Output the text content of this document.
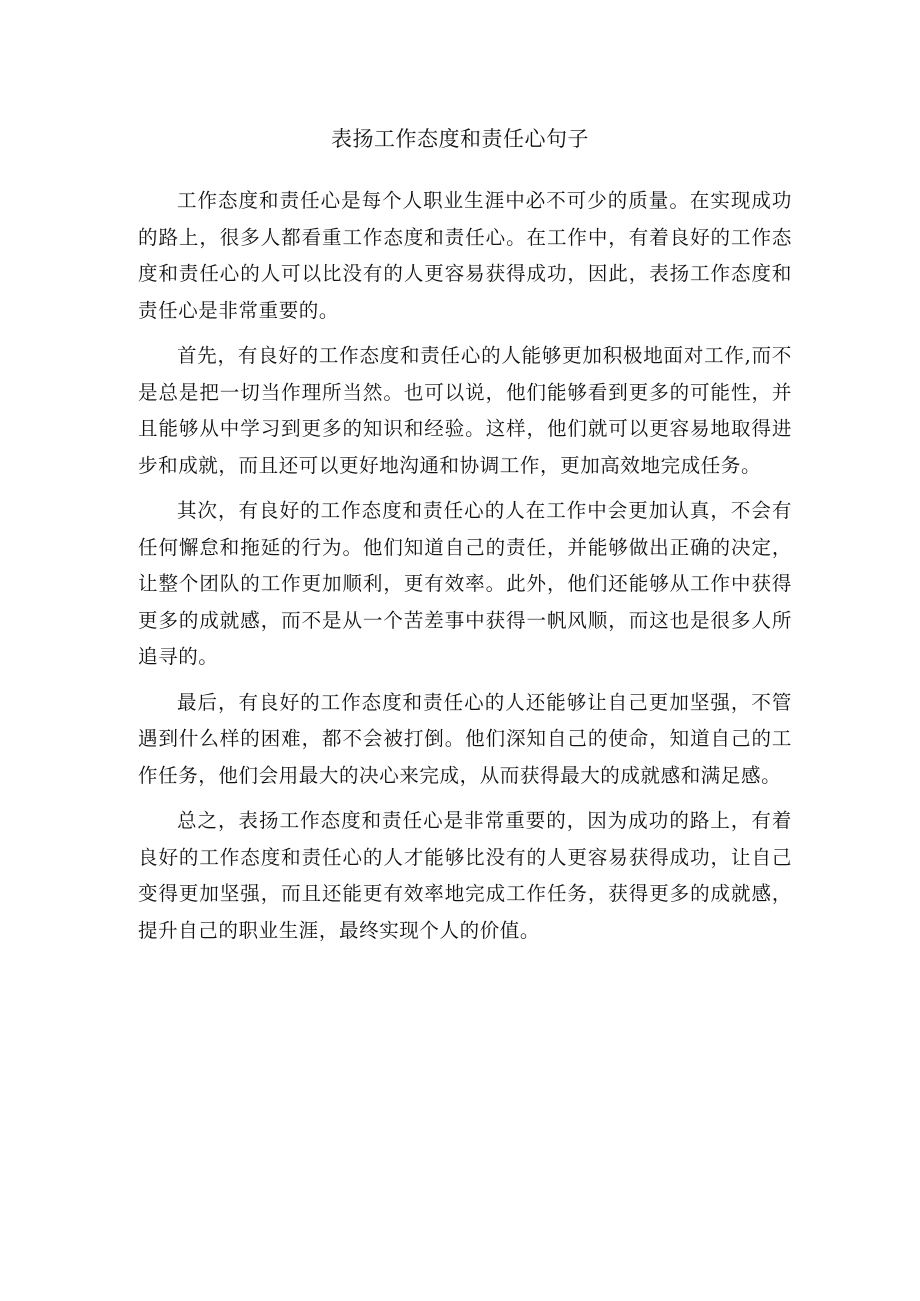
表扬工作态度和责任心句子

工作态度和责任心是每个人职业生涯中必不可少的质量。在实现成功的路上，很多人都看重工作态度和责任心。在工作中，有着良好的工作态度和责任心的人可以比没有的人更容易获得成功，因此，表扬工作态度和责任心是非常重要的。

首先，有良好的工作态度和责任心的人能够更加积极地面对工作,而不是总是把一切当作理所当然。也可以说，他们能够看到更多的可能性，并且能够从中学习到更多的知识和经验。这样，他们就可以更容易地取得进步和成就，而且还可以更好地沟通和协调工作，更加高效地完成任务。

其次，有良好的工作态度和责任心的人在工作中会更加认真，不会有任何懈怠和拖延的行为。他们知道自己的责任，并能够做出正确的决定，让整个团队的工作更加顺利，更有效率。此外，他们还能够从工作中获得更多的成就感，而不是从一个苦差事中获得一帆风顺，而这也是很多人所追寻的。

最后，有良好的工作态度和责任心的人还能够让自己更加坚强，不管遇到什么样的困难，都不会被打倒。他们深知自己的使命，知道自己的工作任务，他们会用最大的决心来完成，从而获得最大的成就感和满足感。

总之，表扬工作态度和责任心是非常重要的，因为成功的路上，有着良好的工作态度和责任心的人才能够比没有的人更容易获得成功，让自己变得更加坚强，而且还能更有效率地完成工作任务，获得更多的成就感，提升自己的职业生涯，最终实现个人的价值。
